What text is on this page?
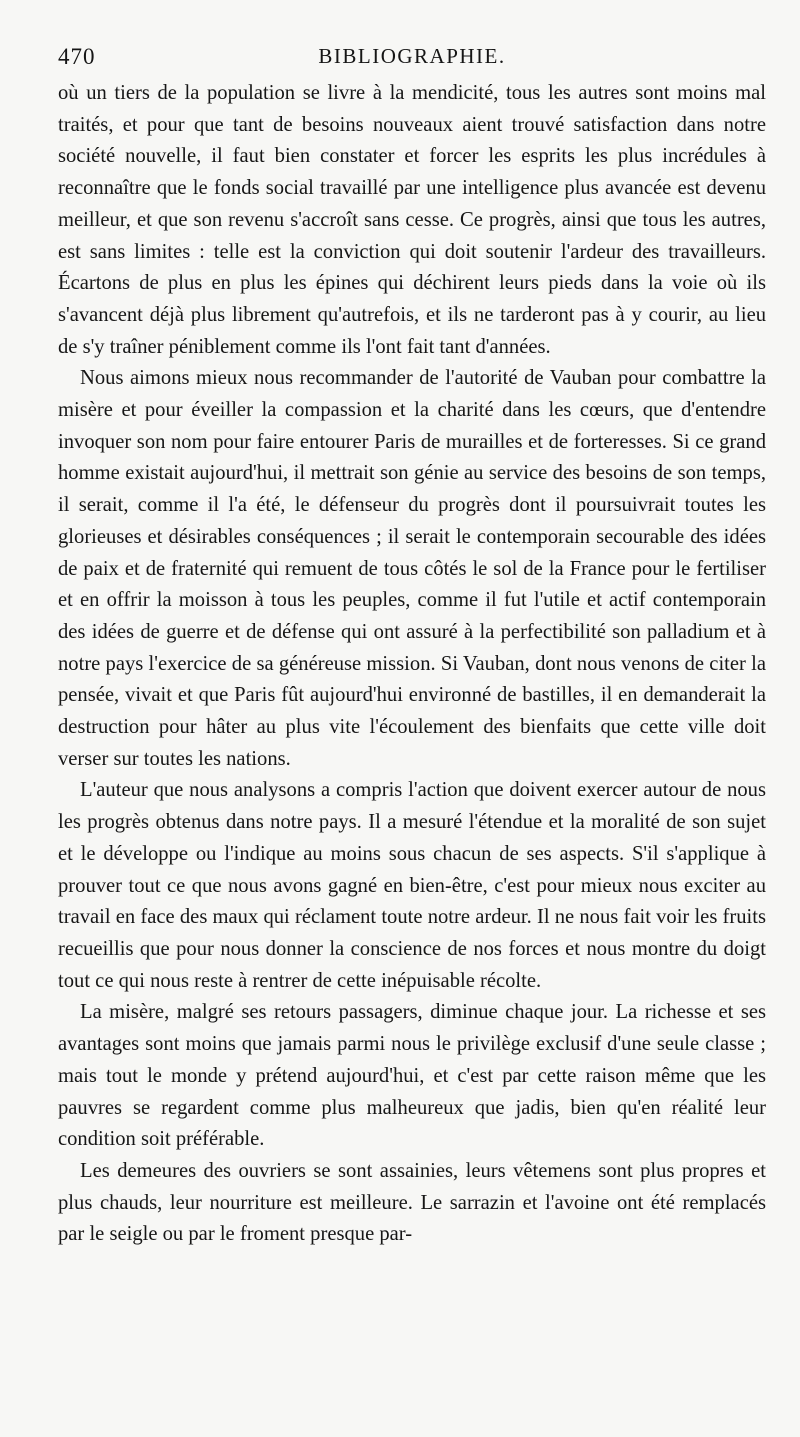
470	BIBLIOGRAPHIE.

où un tiers de la population se livre à la mendicité, tous les autres sont moins mal traités, et pour que tant de besoins nouveaux aient trouvé satisfaction dans notre société nouvelle, il faut bien constater et forcer les esprits les plus incrédules à reconnaître que le fonds social travaillé par une intelligence plus avancée est devenu meilleur, et que son revenu s'accroît sans cesse. Ce progrès, ainsi que tous les autres, est sans limites : telle est la conviction qui doit soutenir l'ardeur des travailleurs. Écartons de plus en plus les épines qui déchirent leurs pieds dans la voie où ils s'avancent déjà plus librement qu'autrefois, et ils ne tarderont pas à y courir, au lieu de s'y traîner péniblement comme ils l'ont fait tant d'années.

Nous aimons mieux nous recommander de l'autorité de Vauban pour combattre la misère et pour éveiller la compassion et la charité dans les cœurs, que d'entendre invoquer son nom pour faire entourer Paris de murailles et de forteresses. Si ce grand homme existait aujourd'hui, il mettrait son génie au service des besoins de son temps, il serait, comme il l'a été, le défenseur du progrès dont il poursuivrait toutes les glorieuses et désirables conséquences ; il serait le contemporain secourable des idées de paix et de fraternité qui remuent de tous côtés le sol de la France pour le fertiliser et en offrir la moisson à tous les peuples, comme il fut l'utile et actif contemporain des idées de guerre et de défense qui ont assuré à la perfectibilité son palladium et à notre pays l'exercice de sa généreuse mission. Si Vauban, dont nous venons de citer la pensée, vivait et que Paris fût aujourd'hui environné de bastilles, il en demanderait la destruction pour hâter au plus vite l'écoulement des bienfaits que cette ville doit verser sur toutes les nations.

L'auteur que nous analysons a compris l'action que doivent exercer autour de nous les progrès obtenus dans notre pays. Il a mesuré l'étendue et la moralité de son sujet et le développe ou l'indique au moins sous chacun de ses aspects. S'il s'applique à prouver tout ce que nous avons gagné en bien-être, c'est pour mieux nous exciter au travail en face des maux qui réclament toute notre ardeur. Il ne nous fait voir les fruits recueillis que pour nous donner la conscience de nos forces et nous montre du doigt tout ce qui nous reste à rentrer de cette inépuisable récolte.

La misère, malgré ses retours passagers, diminue chaque jour. La richesse et ses avantages sont moins que jamais parmi nous le privilège exclusif d'une seule classe ; mais tout le monde y prétend aujourd'hui, et c'est par cette raison même que les pauvres se regardent comme plus malheureux que jadis, bien qu'en réalité leur condition soit préférable.

Les demeures des ouvriers se sont assainies, leurs vêtemens sont plus propres et plus chauds, leur nourriture est meilleure. Le sarrazin et l'avoine ont été remplacés par le seigle ou par le froment presque par-
